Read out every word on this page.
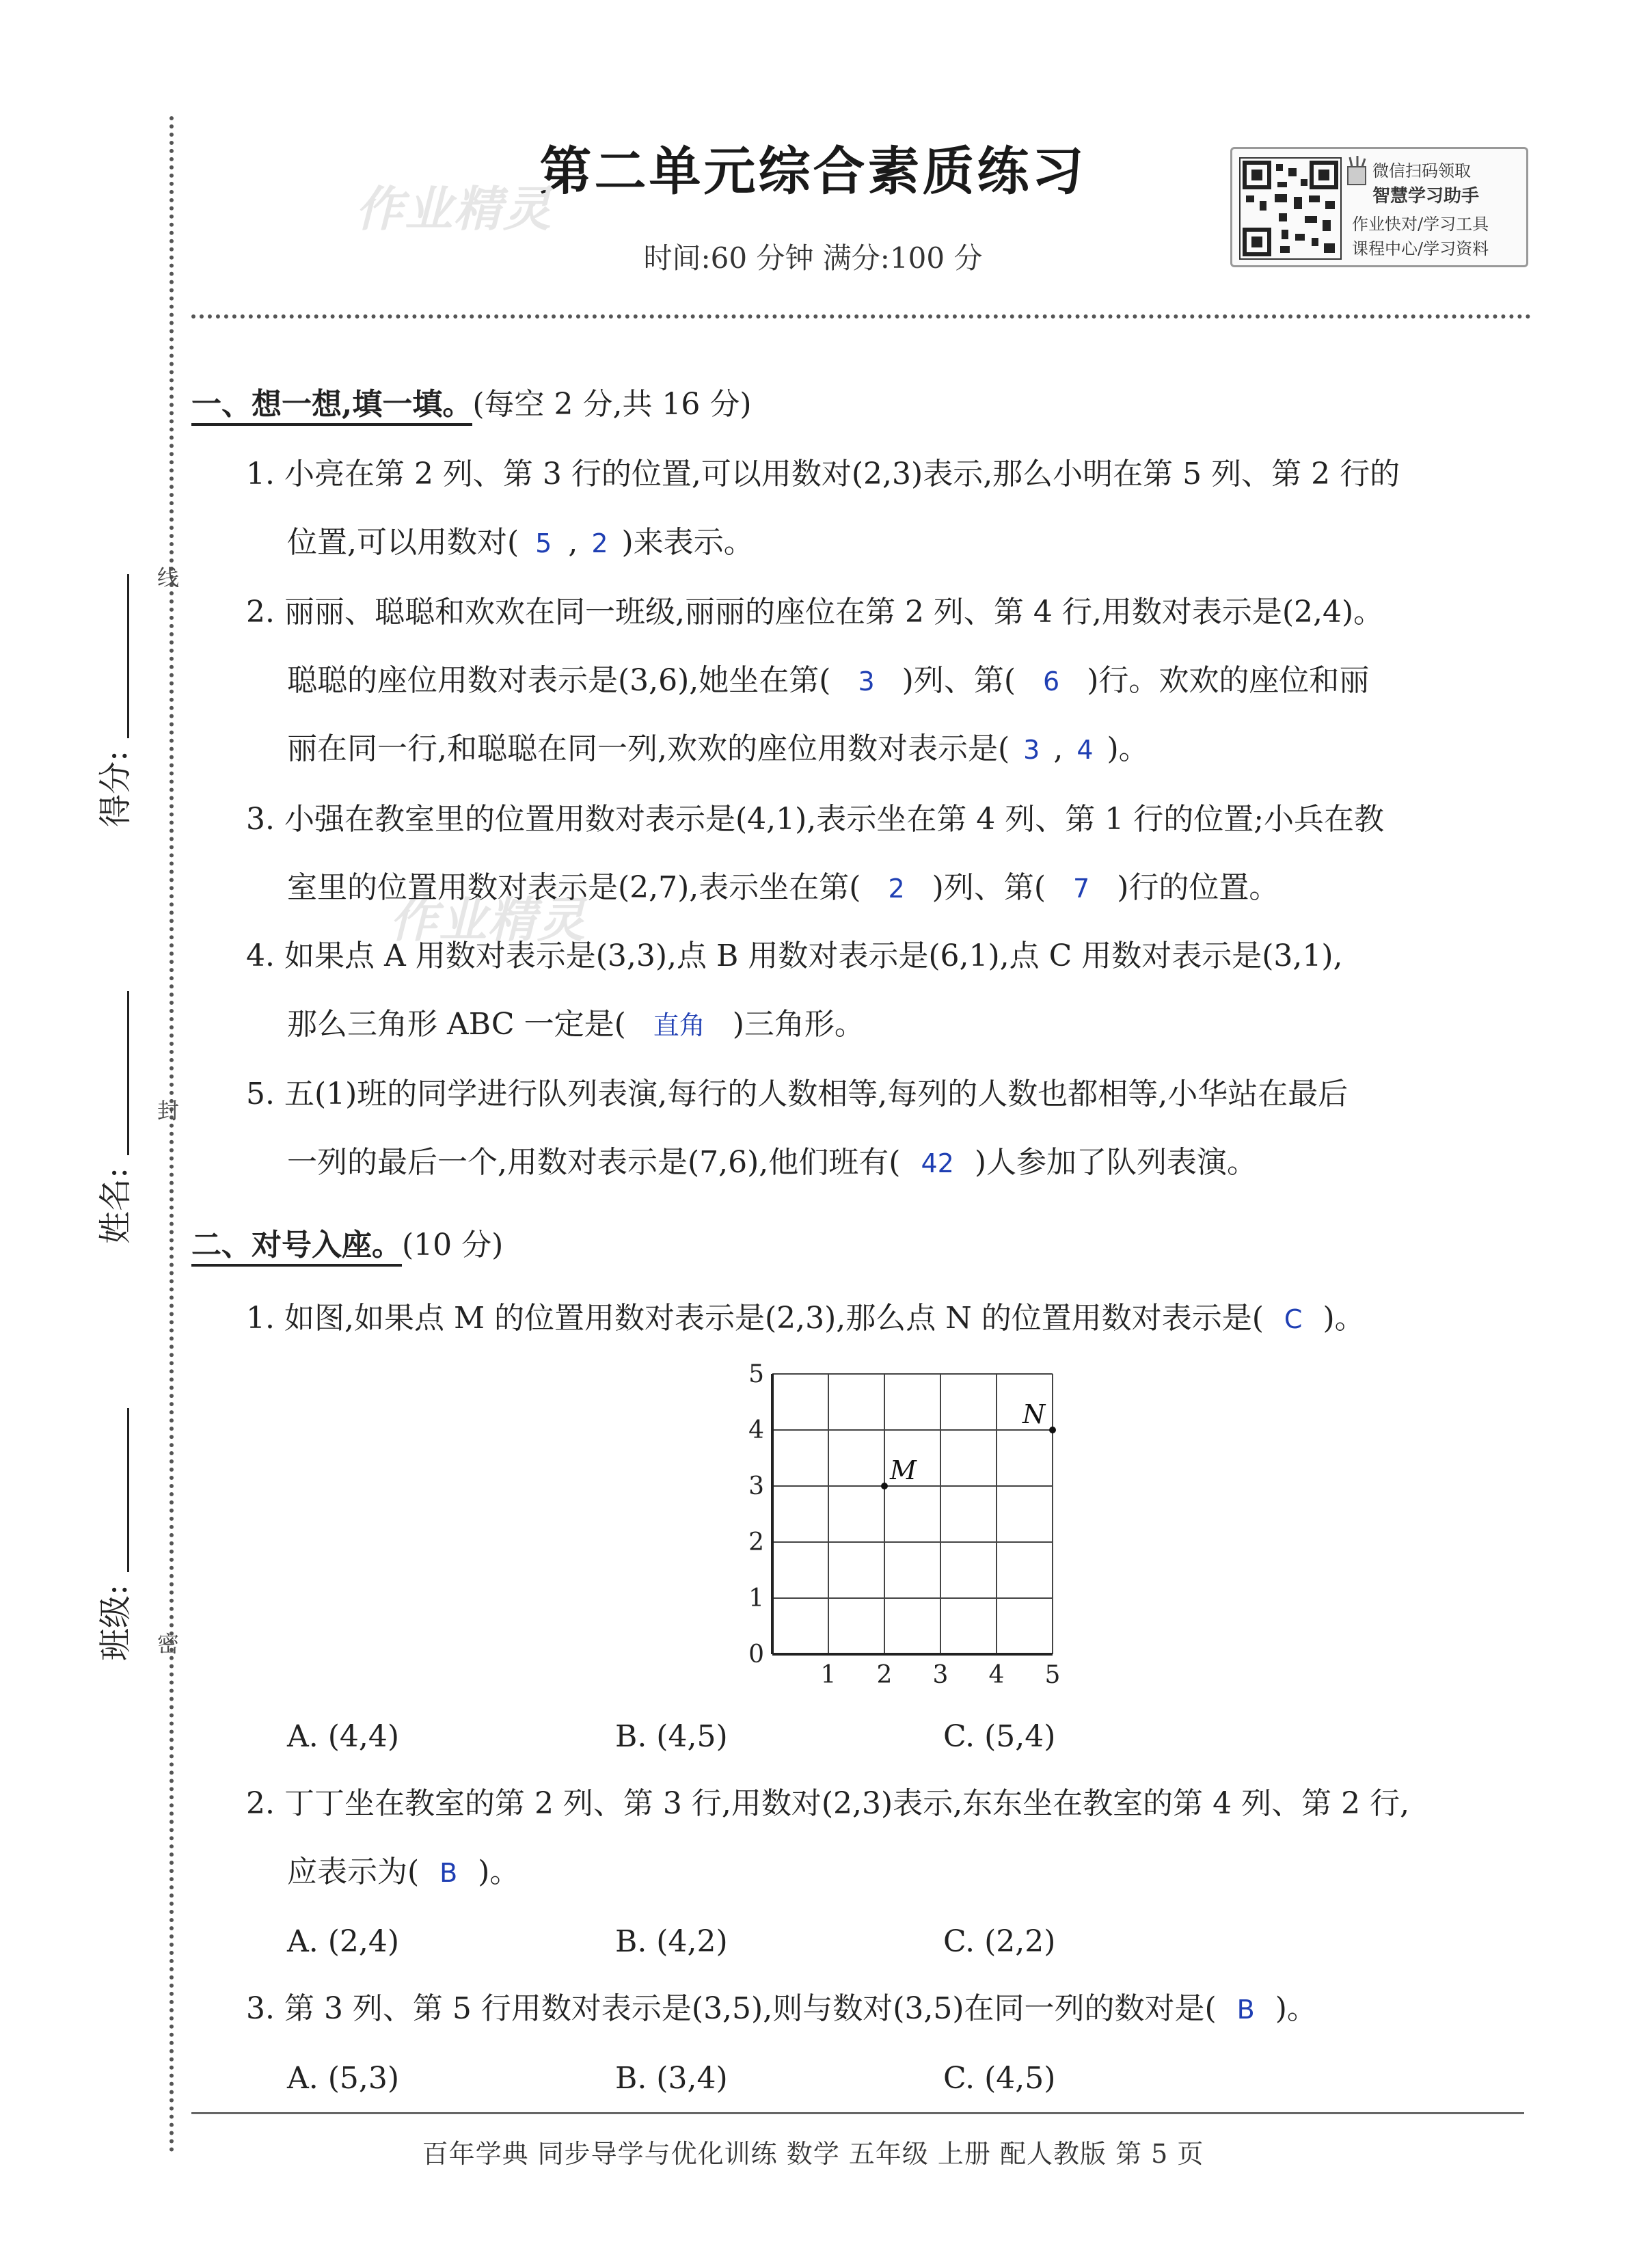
第二单元综合素质练习
时间:60 分钟 满分:100 分
作业精灵
作业精灵
微信扫码领取
智慧学习助手
作业快对/学习工具
课程中心/学习资料
得分:
姓名:
班级:
线
封
密
一、想一想,填一填。(每空 2 分,共 16 分)
1. 小亮在第 2 列、第 3 行的位置,可以用数对(2,3)表示,那么小明在第 5 列、第 2 行的
位置,可以用数对( 5 , 2 )来表示。
2. 丽丽、聪聪和欢欢在同一班级,丽丽的座位在第 2 列、第 4 行,用数对表示是(2,4)。
聪聪的座位用数对表示是(3,6),她坐在第( 3 )列、第( 6 )行。欢欢的座位和丽
丽在同一行,和聪聪在同一列,欢欢的座位用数对表示是( 3 , 4 )。
3. 小强在教室里的位置用数对表示是(4,1),表示坐在第 4 列、第 1 行的位置;小兵在教
室里的位置用数对表示是(2,7),表示坐在第( 2 )列、第( 7 )行的位置。
4. 如果点 A 用数对表示是(3,3),点 B 用数对表示是(6,1),点 C 用数对表示是(3,1),
那么三角形 ABC 一定是( 直角 )三角形。
5. 五(1)班的同学进行队列表演,每行的人数相等,每列的人数也都相等,小华站在最后
一列的最后一个,用数对表示是(7,6),他们班有( 42 )人参加了队列表演。
二、对号入座。(10 分)
1. 如图,如果点 M 的位置用数对表示是(2,3),那么点 N 的位置用数对表示是( C )。
1 2 3 4 5
0
1
2
3
4
5
M
N
A. (4,4)	B. (4,5)	C. (5,4)
2. 丁丁坐在教室的第 2 列、第 3 行,用数对(2,3)表示,东东坐在教室的第 4 列、第 2 行,
应表示为( B )。
A. (2,4)	B. (4,2)	C. (2,2)
3. 第 3 列、第 5 行用数对表示是(3,5),则与数对(3,5)在同一列的数对是( B )。
A. (5,3)	B. (3,4)	C. (4,5)
百年学典 同步导学与优化训练 数学 五年级 上册 配人教版 第 5 页
